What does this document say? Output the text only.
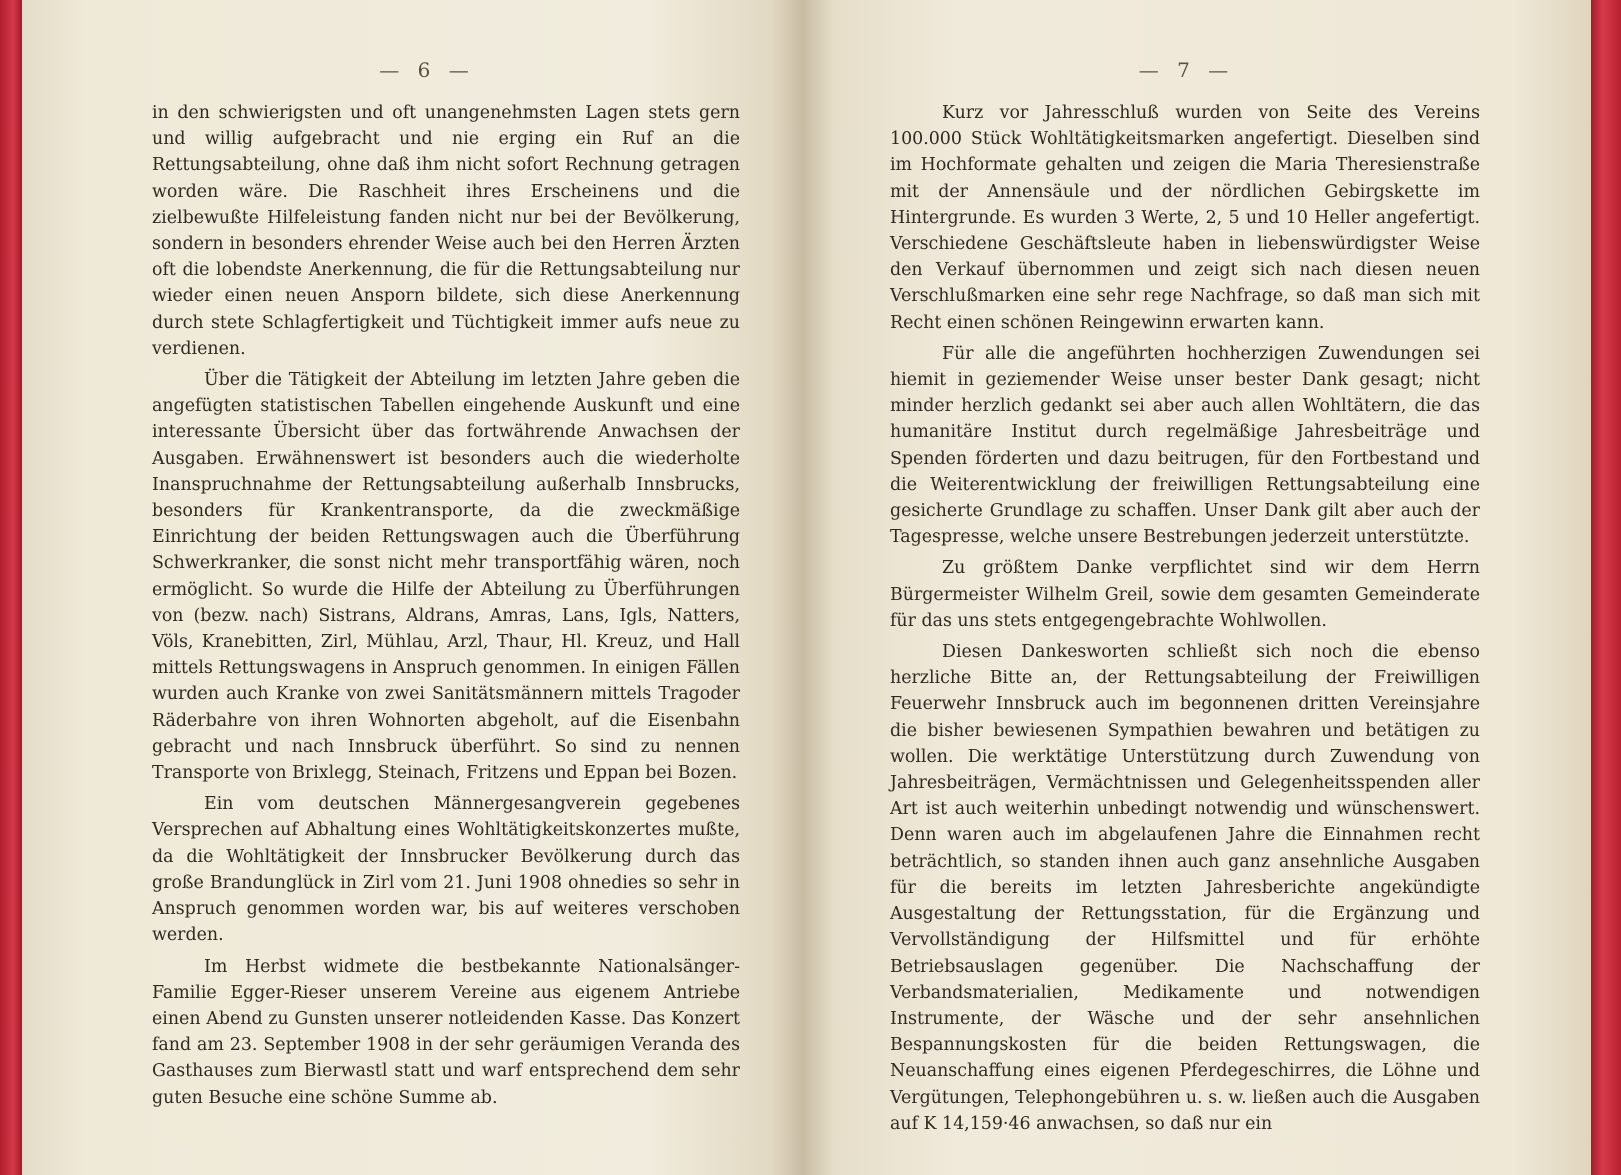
— 6 —

in den schwierigsten und oft unangenehmsten Lagen stets gern und willig aufgebracht und nie erging ein Ruf an die Rettungsabteilung, ohne daß ihm nicht sofort Rechnung getragen worden wäre. Die Raschheit ihres Erscheinens und die zielbewußte Hilfeleistung fanden nicht nur bei der Bevölkerung, sondern in besonders ehrender Weise auch bei den Herren Ärzten oft die lobendste Anerkennung, die für die Rettungsabteilung nur wieder einen neuen Ansporn bildete, sich diese Anerkennung durch stete Schlagfertigkeit und Tüchtigkeit immer aufs neue zu verdienen.

Über die Tätigkeit der Abteilung im letzten Jahre geben die angefügten statistischen Tabellen eingehende Auskunft und eine interessante Übersicht über das fortwährende Anwachsen der Ausgaben. Erwähnenswert ist besonders auch die wiederholte Inanspruchnahme der Rettungsabteilung außerhalb Innsbrucks, besonders für Krankentransporte, da die zweckmäßige Einrichtung der beiden Rettungswagen auch die Überführung Schwerkranker, die sonst nicht mehr transportfähig wären, noch ermöglicht. So wurde die Hilfe der Abteilung zu Überführungen von (bezw. nach) Sistrans, Aldrans, Amras, Lans, Igls, Natters, Völs, Kranebitten, Zirl, Mühlau, Arzl, Thaur, Hl. Kreuz, und Hall mittels Rettungswagens in Anspruch genommen. In einigen Fällen wurden auch Kranke von zwei Sanitätsmännern mittels Tragoder Räderbahre von ihren Wohnorten abgeholt, auf die Eisenbahn gebracht und nach Innsbruck überführt. So sind zu nennen Transporte von Brixlegg, Steinach, Fritzens und Eppan bei Bozen.

Ein vom deutschen Männergesangverein gegebenes Versprechen auf Abhaltung eines Wohltätigkeitskonzertes mußte, da die Wohltätigkeit der Innsbrucker Bevölkerung durch das große Brandunglück in Zirl vom 21. Juni 1908 ohnedies so sehr in Anspruch genommen worden war, bis auf weiteres verschoben werden.

Im Herbst widmete die bestbekannte Nationalsänger-Familie Egger-Rieser unserem Vereine aus eigenem Antriebe einen Abend zu Gunsten unserer notleidenden Kasse. Das Konzert fand am 23. September 1908 in der sehr geräumigen Veranda des Gasthauses zum Bierwastl statt und warf entsprechend dem sehr guten Besuche eine schöne Summe ab.

— 7 —

Kurz vor Jahresschluß wurden von Seite des Vereins 100.000 Stück Wohltätigkeitsmarken angefertigt. Dieselben sind im Hochformate gehalten und zeigen die Maria Theresienstraße mit der Annensäule und der nördlichen Gebirgskette im Hintergrunde. Es wurden 3 Werte, 2, 5 und 10 Heller angefertigt. Verschiedene Geschäftsleute haben in liebenswürdigster Weise den Verkauf übernommen und zeigt sich nach diesen neuen Verschlußmarken eine sehr rege Nachfrage, so daß man sich mit Recht einen schönen Reingewinn erwarten kann.

Für alle die angeführten hochherzigen Zuwendungen sei hiemit in geziemender Weise unser bester Dank gesagt; nicht minder herzlich gedankt sei aber auch allen Wohltätern, die das humanitäre Institut durch regelmäßige Jahresbeiträge und Spenden förderten und dazu beitrugen, für den Fortbestand und die Weiterentwicklung der freiwilligen Rettungsabteilung eine gesicherte Grundlage zu schaffen. Unser Dank gilt aber auch der Tagespresse, welche unsere Bestrebungen jederzeit unterstützte.

Zu größtem Danke verpflichtet sind wir dem Herrn Bürgermeister Wilhelm Greil, sowie dem gesamten Gemeinderate für das uns stets entgegengebrachte Wohlwollen.

Diesen Dankesworten schließt sich noch die ebenso herzliche Bitte an, der Rettungsabteilung der Freiwilligen Feuerwehr Innsbruck auch im begonnenen dritten Vereinsjahre die bisher bewiesenen Sympathien bewahren und betätigen zu wollen. Die werktätige Unterstützung durch Zuwendung von Jahresbeiträgen, Vermächtnissen und Gelegenheitsspenden aller Art ist auch weiterhin unbedingt notwendig und wünschenswert. Denn waren auch im abgelaufenen Jahre die Einnahmen recht beträchtlich, so standen ihnen auch ganz ansehnliche Ausgaben für die bereits im letzten Jahresberichte angekündigte Ausgestaltung der Rettungsstation, für die Ergänzung und Vervollständigung der Hilfsmittel und für erhöhte Betriebsauslagen gegenüber. Die Nachschaffung der Verbandsmaterialien, Medikamente und notwendigen Instrumente, der Wäsche und der sehr ansehnlichen Bespannungskosten für die beiden Rettungswagen, die Neuanschaffung eines eigenen Pferdegeschirres, die Löhne und Vergütungen, Telephongebühren u. s. w. ließen auch die Ausgaben auf K 14,159·46 anwachsen, so daß nur ein
